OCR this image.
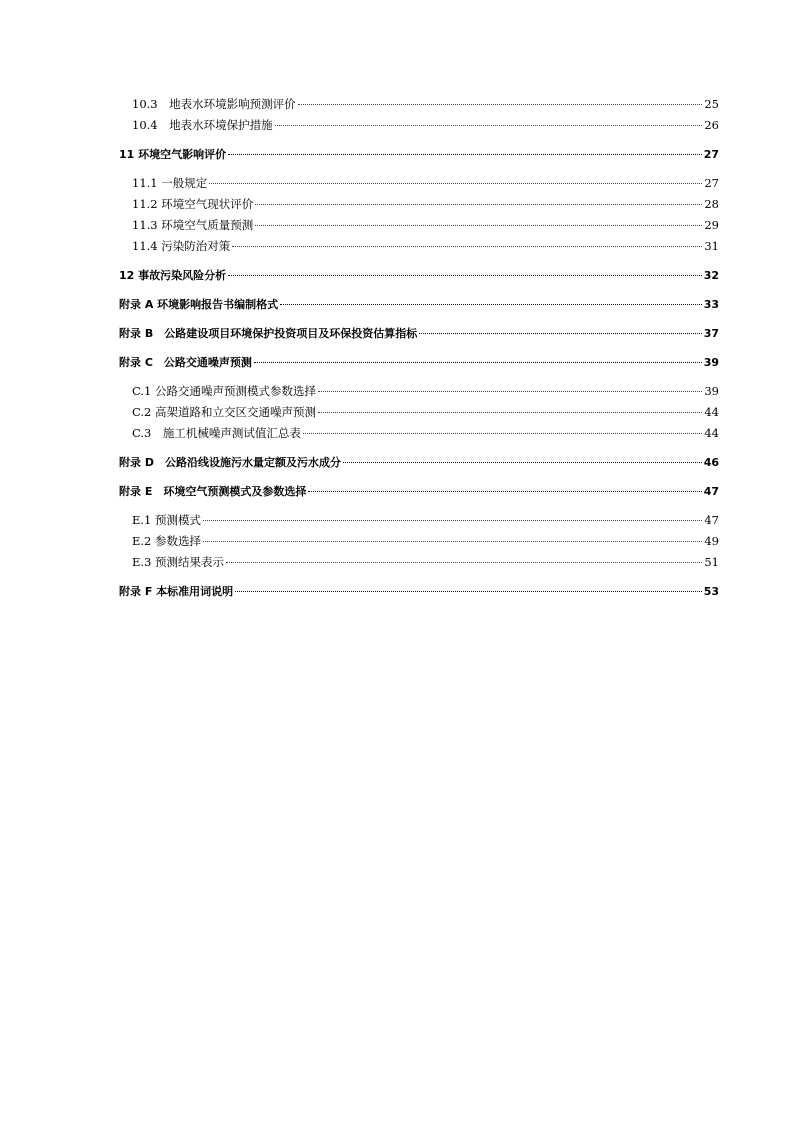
10.3　地表水环境影响预测评价	25
10.4　地表水环境保护措施	26
11 环境空气影响评价	27
11.1 一般规定	27
11.2 环境空气现状评价	28
11.3 环境空气质量预测	29
11.4 污染防治对策	31
12 事故污染风险分析	32
附录 A 环境影响报告书编制格式	33
附录 B　公路建设项目环境保护投资项目及环保投资估算指标	37
附录 C　公路交通噪声预测	39
C.1 公路交通噪声预测模式参数选择	39
C.2 高架道路和立交区交通噪声预测	44
C.3　施工机械噪声测试值汇总表	44
附录 D　公路沿线设施污水量定额及污水成分	46
附录 E　环境空气预测模式及参数选择	47
E.1 预测模式	47
E.2 参数选择	49
E.3 预测结果表示	51
附录 F 本标准用词说明	53
